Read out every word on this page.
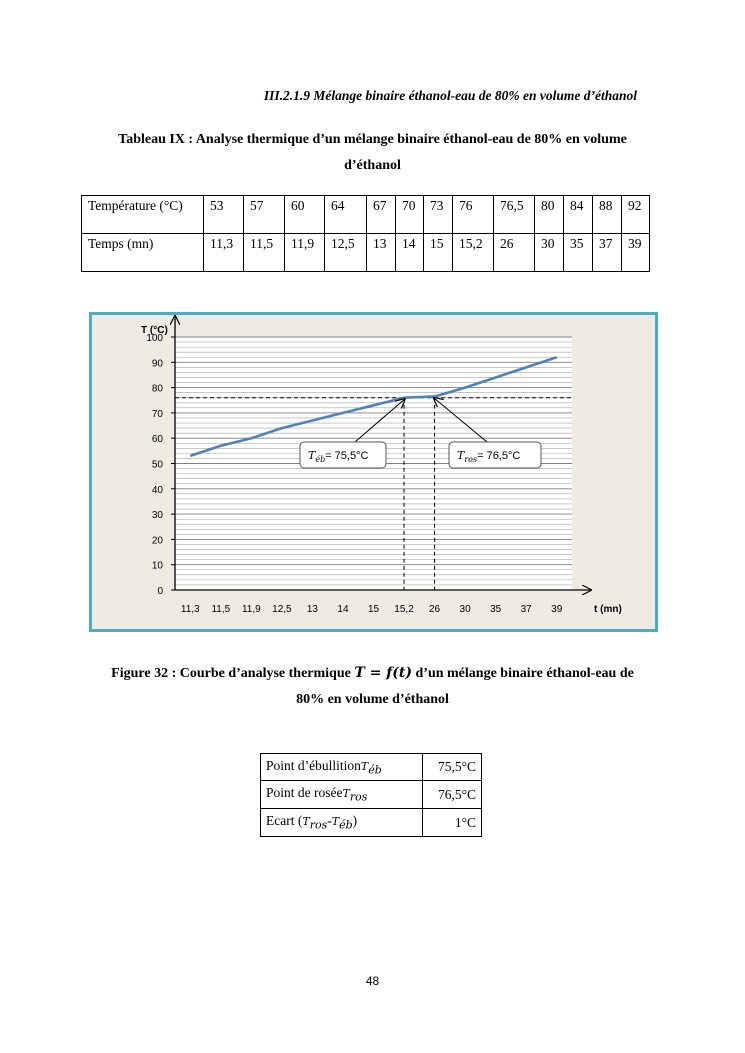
III.2.1.9 Mélange binaire éthanol-eau de 80% en volume d’éthanol
Tableau IX : Analyse thermique d’un mélange binaire éthanol-eau de 80% en volume
d’éthanol
Température (°C)	53	57	60	64	67	70	73	76	76,5	80	84	88	92
Temps (mn)	11,3	11,5	11,9	12,5	13	14	15	15,2	26	30	35	37	39
T (°C)
t (mn)
0
10
20
30
40
50
60
70
80
90
100
11,3 11,5 11,9 12,5 13 14 15 15,2 26 30 35 37 39
$T_{éb}= 75,5^\circ C$	$T_{ros}= 76,5^\circ C$
Figure 32 : Courbe d’analyse thermique T = f(t) d’un mélange binaire éthanol-eau de
80% en volume d’éthanol
Point d’ébullitionT$_{éb}$	75,5°C
Point de roséeT$_{ros}$	76,5°C
Ecart $(T_{ros}-T_{éb})$	1°C
48
